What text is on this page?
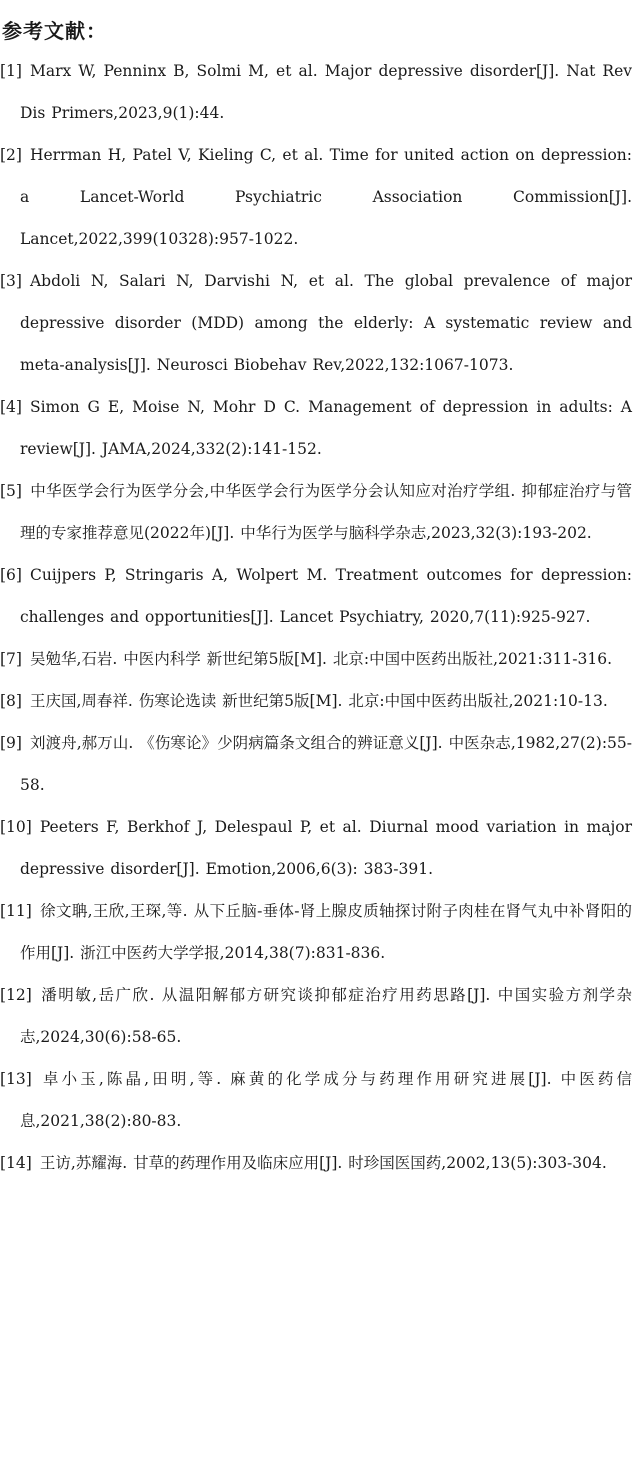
参考文献：
[1] Marx W, Penninx B, Solmi M, et al. Major depressive disorder[J]. Nat Rev Dis Primers,2023,9(1):44.
[2] Herrman H, Patel V, Kieling C, et al. Time for united action on depression: a Lancet-World Psychiatric Association Commission[J]. Lancet,2022,399(10328):957-1022.
[3] Abdoli N, Salari N, Darvishi N, et al. The global prevalence of major depressive disorder (MDD) among the elderly: A systematic review and meta-analysis[J]. Neurosci Biobehav Rev,2022,132:1067-1073.
[4] Simon G E, Moise N, Mohr D C. Management of depression in adults: A review[J]. JAMA,2024,332(2):141-152.
[5] 中华医学会行为医学分会,中华医学会行为医学分会认知应对治疗学组. 抑郁症治疗与管理的专家推荐意见(2022年)[J]. 中华行为医学与脑科学杂志,2023,32(3):193-202.
[6] Cuijpers P, Stringaris A, Wolpert M. Treatment outcomes for depression: challenges and opportunities[J]. Lancet Psychiatry, 2020,7(11):925-927.
[7] 吴勉华,石岩. 中医内科学 新世纪第5版[M]. 北京:中国中医药出版社,2021:311-316.
[8] 王庆国,周春祥. 伤寒论选读 新世纪第5版[M]. 北京:中国中医药出版社,2021:10-13.
[9] 刘渡舟,郝万山. 《伤寒论》少阴病篇条文组合的辨证意义[J]. 中医杂志,1982,27(2):55-58.
[10] Peeters F, Berkhof J, Delespaul P, et al. Diurnal mood variation in major depressive disorder[J]. Emotion,2006,6(3): 383-391.
[11] 徐文聃,王欣,王琛,等. 从下丘脑-垂体-肾上腺皮质轴探讨附子肉桂在肾气丸中补肾阳的作用[J]. 浙江中医药大学学报,2014,38(7):831-836.
[12] 潘明敏,岳广欣. 从温阳解郁方研究谈抑郁症治疗用药思路[J]. 中国实验方剂学杂志,2024,30(6):58-65.
[13] 卓小玉,陈晶,田明,等. 麻黄的化学成分与药理作用研究进展[J]. 中医药信息,2021,38(2):80-83.
[14] 王访,苏耀海. 甘草的药理作用及临床应用[J]. 时珍国医国药,2002,13(5):303-304.
